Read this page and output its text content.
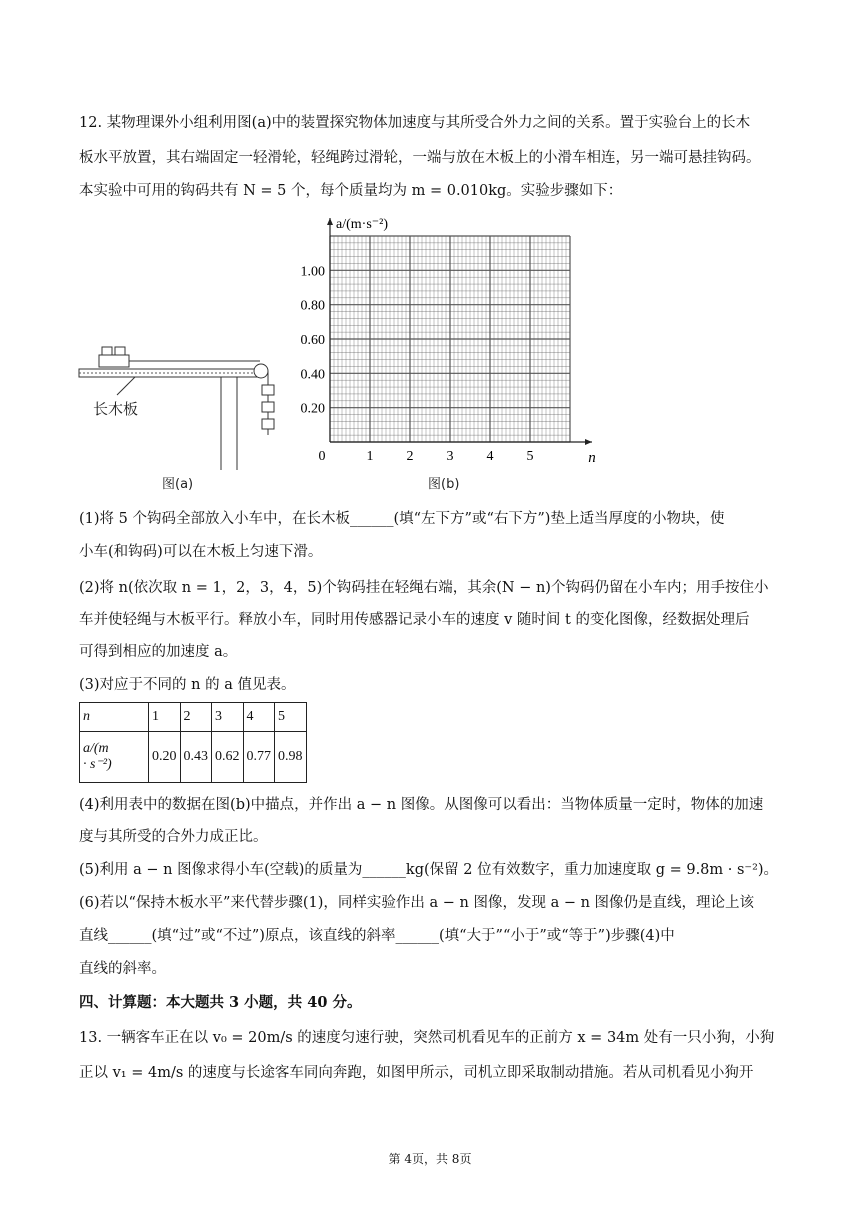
12. 某物理课外小组利用图(a)中的装置探究物体加速度与其所受合外力之间的关系。置于实验台上的长木
板水平放置，其右端固定一轻滑轮，轻绳跨过滑轮，一端与放在木板上的小滑车相连，另一端可悬挂钩码。
本实验中可用的钩码共有 N = 5 个，每个质量均为 m = 0.010kg。实验步骤如下：
长木板
图(a)
0	1 2 3 4 5
0.20
0.40
0.60
0.80
1.00
n
a/(m·s⁻²)
图(b)
(1)将 5 个钩码全部放入小车中，在长木板______(填“左下方”或“右下方”)垫上适当厚度的小物块，使
小车(和钩码)可以在木板上匀速下滑。
(2)将 n(依次取 n = 1，2，3，4，5)个钩码挂在轻绳右端，其余(N − n)个钩码仍留在小车内；用手按住小
车并使轻绳与木板平行。释放小车，同时用传感器记录小车的速度 v 随时间 t 的变化图像，经数据处理后
可得到相应的加速度 a。
(3)对应于不同的 n 的 a 值见表。
n	1	2	3	4	5

a/(m
· s⁻²)	0.20	0.43	0.62	0.77	0.98
(4)利用表中的数据在图(b)中描点，并作出 a − n 图像。从图像可以看出：当物体质量一定时，物体的加速
度与其所受的合外力成正比。
(5)利用 a − n 图像求得小车(空载)的质量为______kg(保留 2 位有效数字，重力加速度取 g = 9.8m · s⁻²)。
(6)若以“保持木板水平”来代替步骤(1)，同样实验作出 a − n 图像，发现 a − n 图像仍是直线，理论上该
直线______(填“过”或“不过”)原点，该直线的斜率______(填“大于”“小于”或“等于”)步骤(4)中
直线的斜率。
四、计算题：本大题共 3 小题，共 40 分。
13. 一辆客车正在以 v₀ = 20m/s 的速度匀速行驶，突然司机看见车的正前方 x = 34m 处有一只小狗，小狗
正以 v₁ = 4m/s 的速度与长途客车同向奔跑，如图甲所示，司机立即采取制动措施。若从司机看见小狗开
第 4页，共 8页
